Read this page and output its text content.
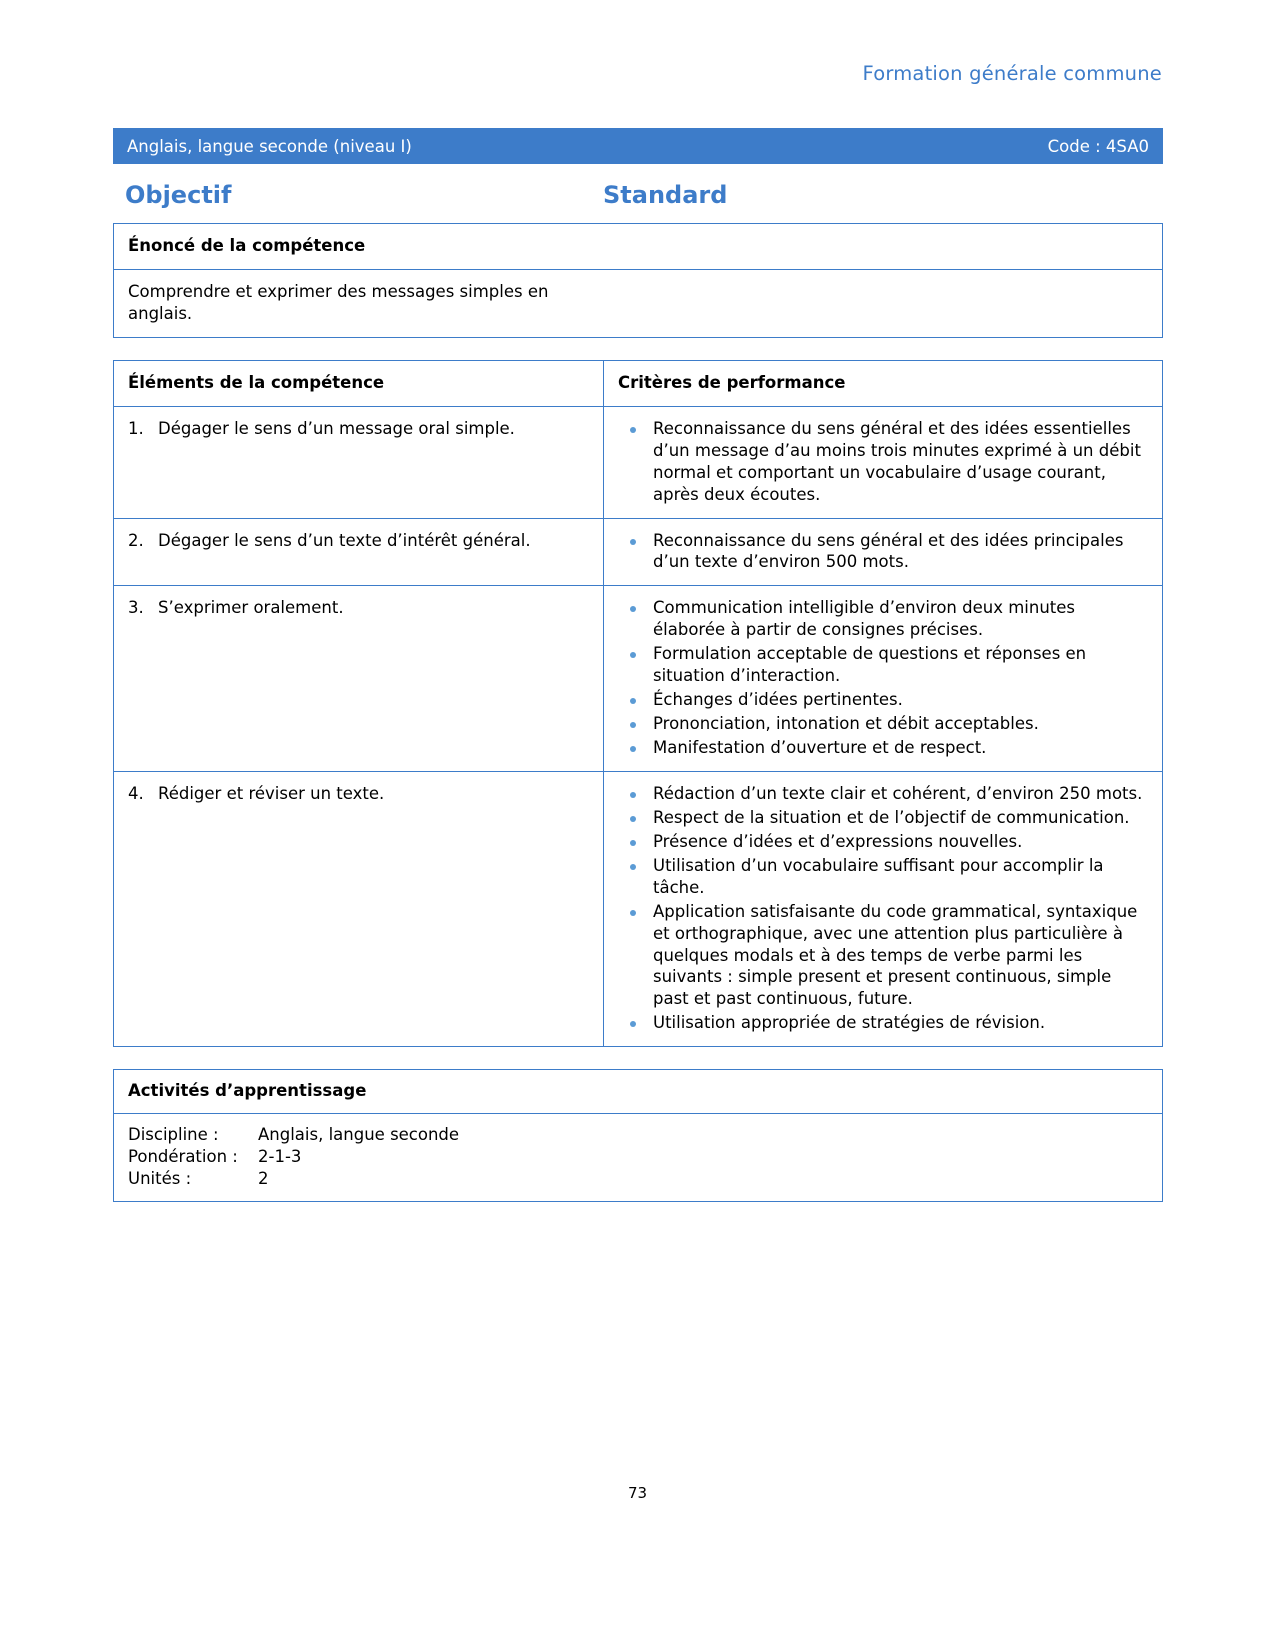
Formation générale commune
Anglais, langue seconde (niveau I)	Code : 4SA0
Objectif	Standard
Énoncé de la compétence
Comprendre et exprimer des messages simples en anglais.
Éléments de la compétence	Critères de performance
1. Dégager le sens d’un message oral simple.	Reconnaissance du sens général et des idées essentielles d’un message d’au moins trois minutes exprimé à un débit normal et comportant un vocabulaire d’usage courant, après deux écoutes.
2. Dégager le sens d’un texte d’intérêt général.	Reconnaissance du sens général et des idées principales d’un texte d’environ 500 mots.
3. S’exprimer oralement.	Communication intelligible d’environ deux minutes élaborée à partir de consignes précises.
Formulation acceptable de questions et réponses en situation d’interaction.
Échanges d’idées pertinentes.
Prononciation, intonation et débit acceptables.
Manifestation d’ouverture et de respect.
4. Rédiger et réviser un texte.	Rédaction d’un texte clair et cohérent, d’environ 250 mots.
Respect de la situation et de l’objectif de communication.
Présence d’idées et d’expressions nouvelles.
Utilisation d’un vocabulaire suffisant pour accomplir la tâche.
Application satisfaisante du code grammatical, syntaxique et orthographique, avec une attention plus particulière à quelques modals et à des temps de verbe parmi les suivants : simple present et present continuous, simple past et past continuous, future.
Utilisation appropriée de stratégies de révision.
Activités d’apprentissage
Discipline :	Anglais, langue seconde
Pondération :	2-1-3
Unités :	2
73
